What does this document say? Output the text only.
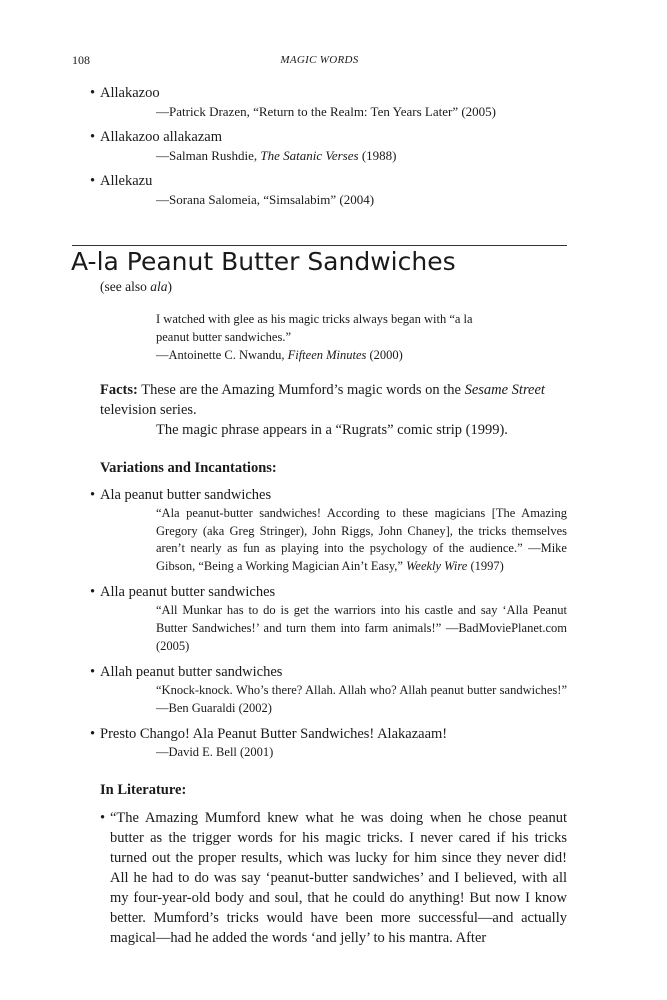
108	MAGIC WORDS
• Allakazoo
—Patrick Drazen, “Return to the Realm: Ten Years Later” (2005)
• Allakazoo allakazam
—Salman Rushdie, The Satanic Verses (1988)
• Allekazu
—Sorana Salomeia, “Simsalabim” (2004)
A-la Peanut Butter Sandwiches
(see also ala)
I watched with glee as his magic tricks always began with “a la
peanut butter sandwiches.”
—Antoinette C. Nwandu, Fifteen Minutes (2000)
Facts: These are the Amazing Mumford’s magic words on the Sesame Street television series.
The magic phrase appears in a “Rugrats” comic strip (1999).
Variations and Incantations:
• Ala peanut butter sandwiches
“Ala peanut-butter sandwiches! According to these magicians [The Amazing Gregory (aka Greg Stringer), John Riggs, John Chaney], the tricks themselves aren’t nearly as fun as playing into the psychology of the audience.” —Mike Gibson, “Being a Working Magician Ain’t Easy,” Weekly Wire (1997)
• Alla peanut butter sandwiches
“All Munkar has to do is get the warriors into his castle and say ‘Alla Peanut Butter Sandwiches!’ and turn them into farm animals!” —BadMoviePlanet.com (2005)
• Allah peanut butter sandwiches
“Knock-knock. Who’s there? Allah. Allah who? Allah peanut butter sandwiches!” —Ben Guaraldi (2002)
• Presto Chango! Ala Peanut Butter Sandwiches! Alakazaam!
—David E. Bell (2001)
In Literature:
• “The Amazing Mumford knew what he was doing when he chose peanut butter as the trigger words for his magic tricks. I never cared if his tricks turned out the proper results, which was lucky for him since they never did! All he had to do was say ‘peanut-butter sandwiches’ and I believed, with all my four-year-old body and soul, that he could do anything! But now I know better. Mumford’s tricks would have been more successful—and actually magical—had he added the words ‘and jelly’ to his mantra. After
